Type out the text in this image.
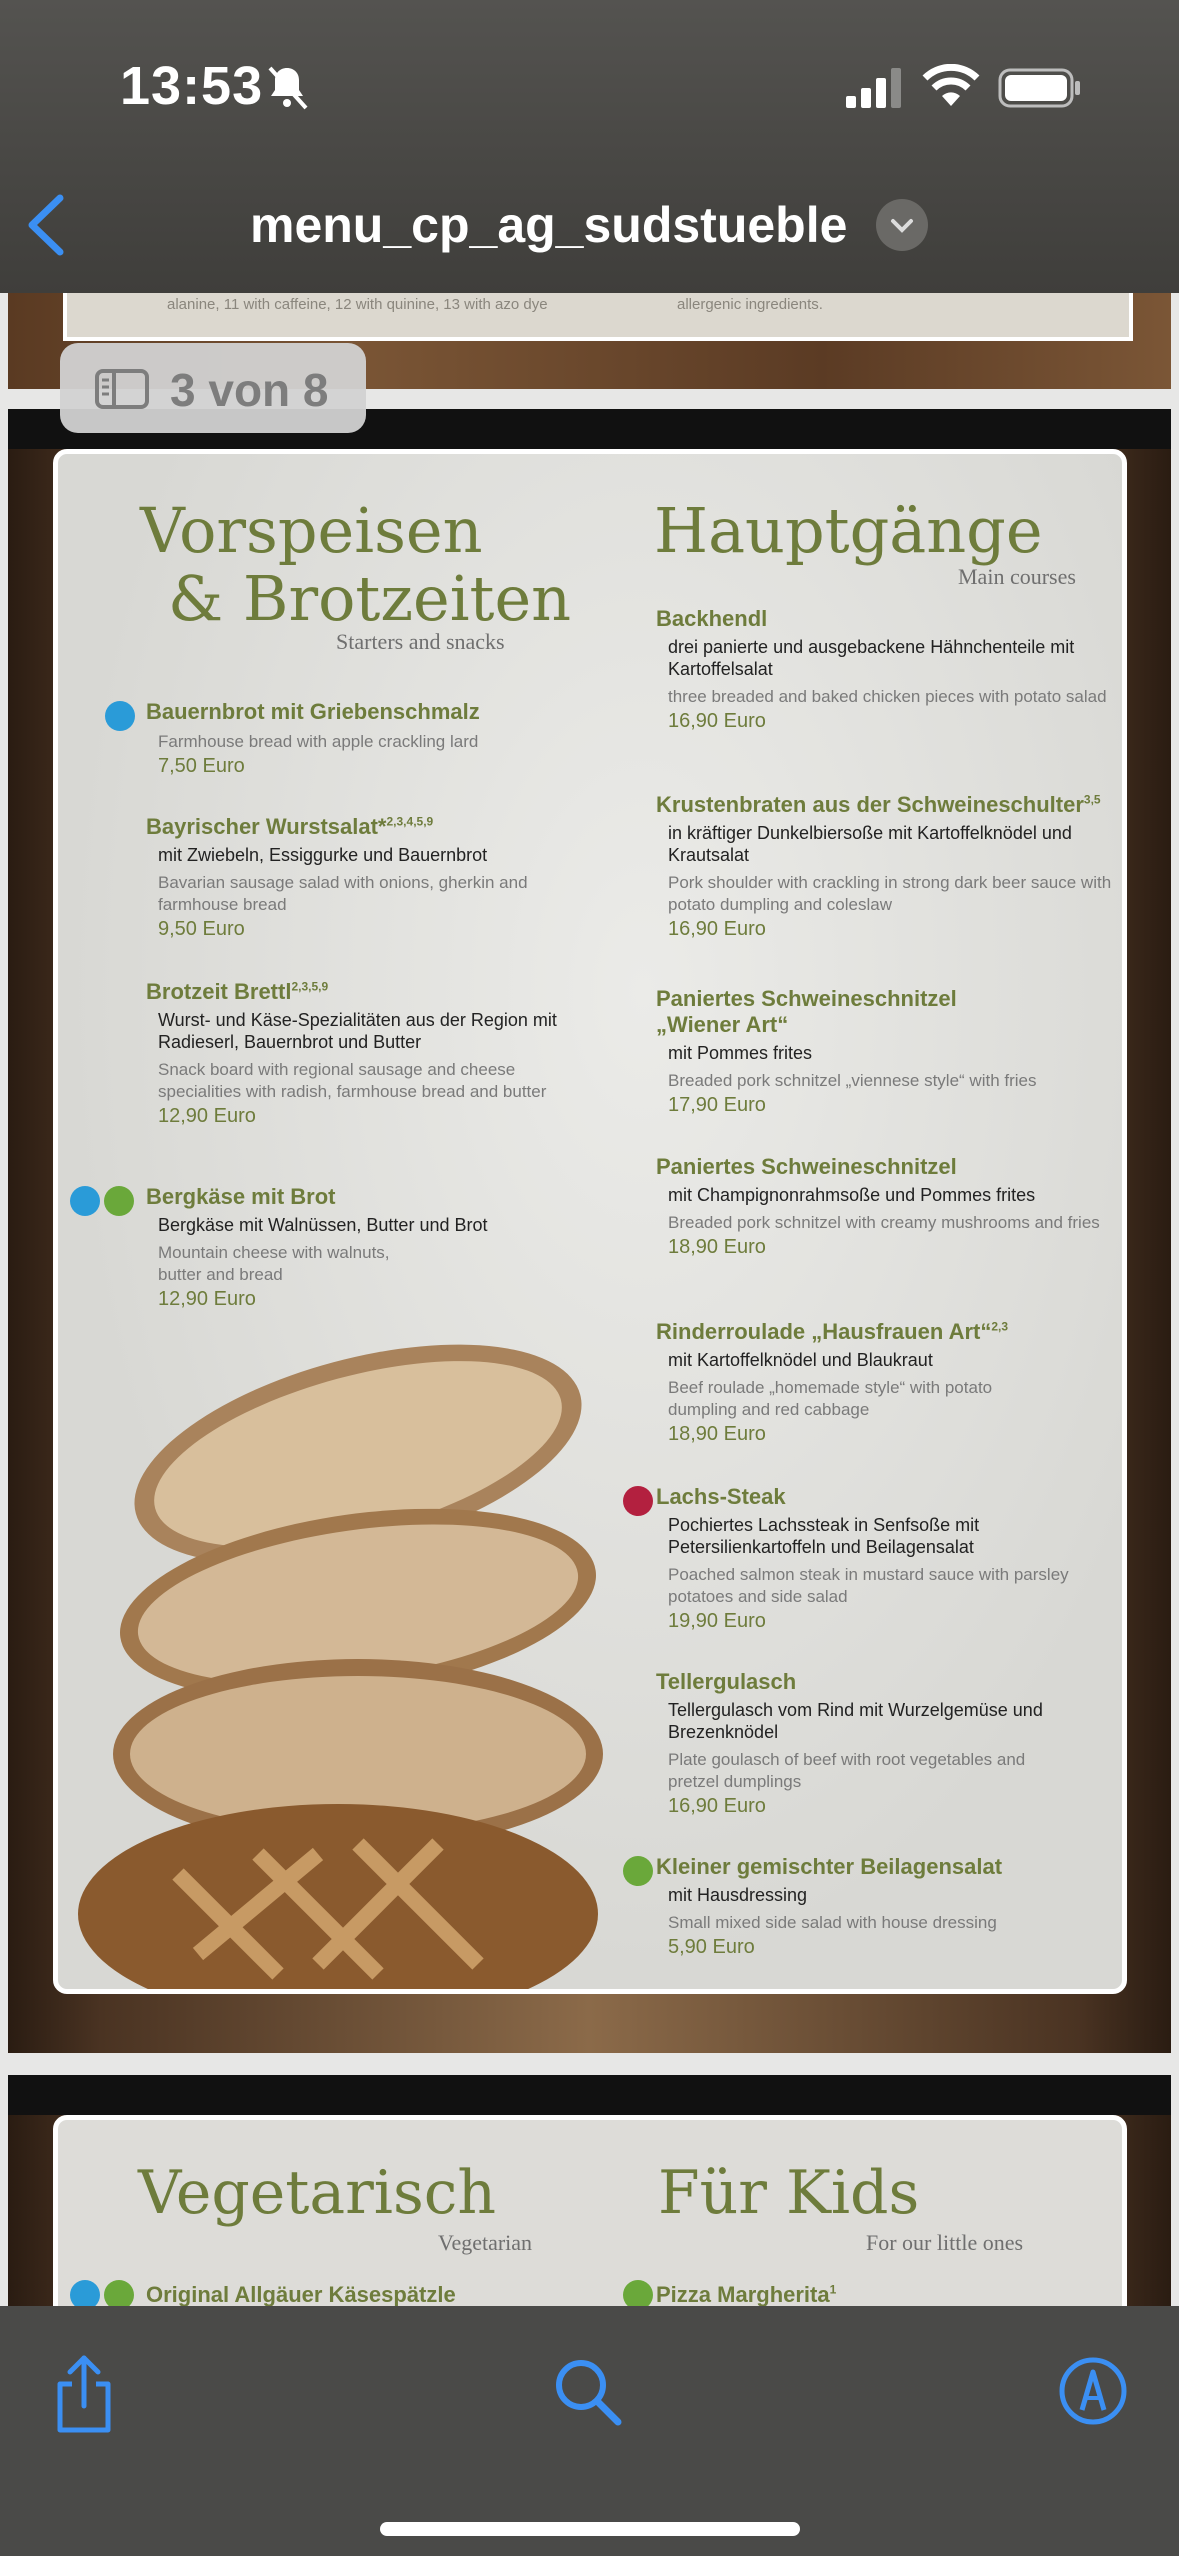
13:53
menu_cp_ag_sudstueble
alanine, 11 with caffeine, 12 with quinine, 13 with azo dye	allergenic ingredients.
Vorspeisen
& Brotzeiten
Starters and snacks
Hauptgänge
Main courses
Bauernbrot mit Griebenschmalz
Farmhouse bread with apple crackling lard
7,50 Euro
Bayrischer Wurstsalat*$^{2,3,4,5,9}$
mit Zwiebeln, Essiggurke und Bauernbrot
Bavarian sausage salad with onions, gherkin and farmhouse bread
9,50 Euro
Brotzeit Brettl$^{2,3,5,9}$
Wurst- und Käse-Spezialitäten aus der Region mit Radieserl, Bauernbrot und Butter
Snack board with regional sausage and cheese specialities with radish, farmhouse bread and butter
12,90 Euro
Bergkäse mit Brot
Bergkäse mit Walnüssen, Butter und Brot
Mountain cheese with walnuts, butter and bread
12,90 Euro
Backhendl
drei panierte und ausgebackene Hähnchenteile mit Kartoffelsalat
three breaded and baked chicken pieces with potato salad
16,90 Euro
Krustenbraten aus der Schweineschulter$^{3,5}$
in kräftiger Dunkelbiersoße mit Kartoffelknödel und Krautsalat
Pork shoulder with crackling in strong dark beer sauce with potato dumpling and coleslaw
16,90 Euro
Paniertes Schweineschnitzel „Wiener Art“
mit Pommes frites
Breaded pork schnitzel „viennese style“ with fries
17,90 Euro
Paniertes Schweineschnitzel
mit Champignonrahmsoße und Pommes frites
Breaded pork schnitzel with creamy mushrooms and fries
18,90 Euro
Rinderroulade „Hausfrauen Art“$^{2,3}$
mit Kartoffelknödel und Blaukraut
Beef roulade „homemade style“ with potato dumpling and red cabbage
18,90 Euro
Lachs-Steak
Pochiertes Lachssteak in Senfsoße mit Petersilienkartoffeln und Beilagensalat
Poached salmon steak in mustard sauce with parsley potatoes and side salad
19,90 Euro
Tellergulasch
Tellergulasch vom Rind mit Wurzelgemüse und Brezenknödel
Plate goulasch of beef with root vegetables and pretzel dumplings
16,90 Euro
Kleiner gemischter Beilagensalat
mit Hausdressing
Small mixed side salad with house dressing
5,90 Euro
Vegetarisch
Vegetarian
Für Kids
For our little ones
Original Allgäuer Käsespätzle	Pizza Margherita$^1$
3 von 8
